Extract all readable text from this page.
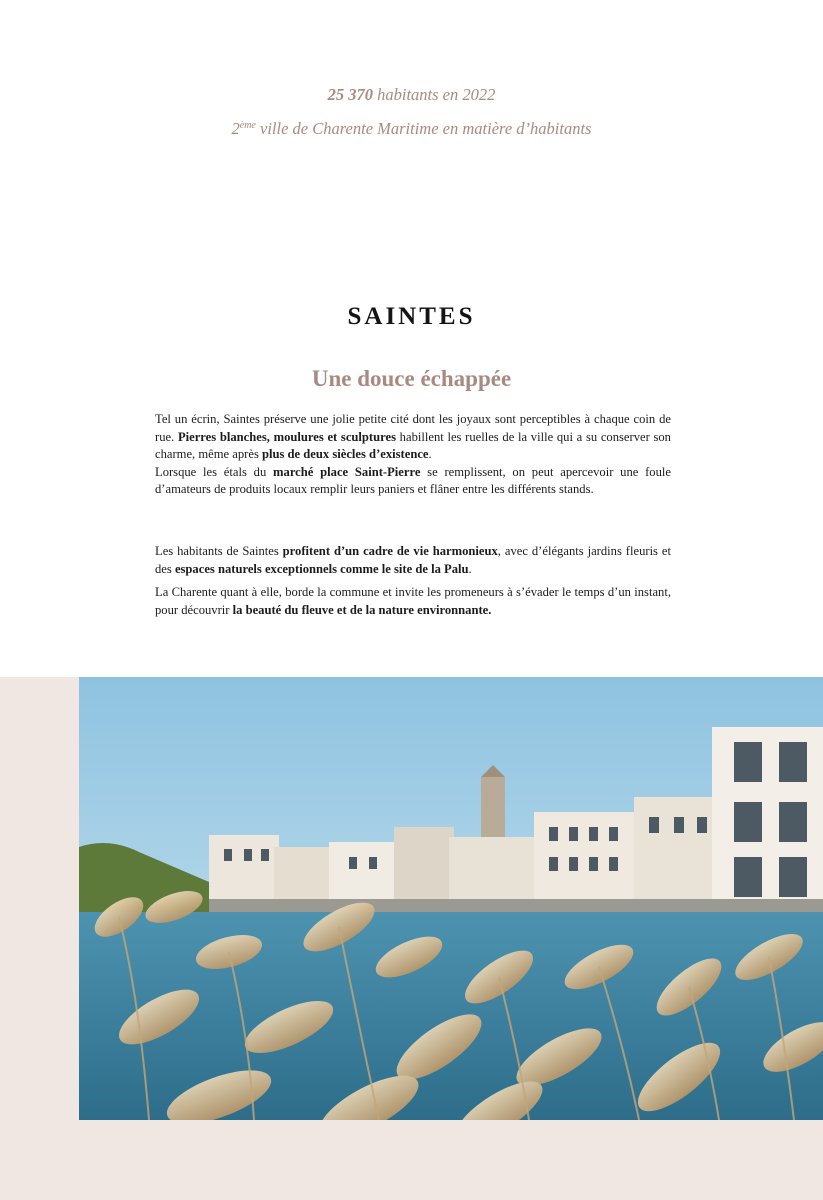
25 370 habitants en 2022
2ème ville de Charente Maritime en matière d’habitants
SAINTES
Une douce échappée

Tel un écrin, Saintes préserve une jolie petite cité dont les joyaux sont perceptibles à chaque coin de rue. Pierres blanches, moulures et sculptures habillent les ruelles de la ville qui a su conserver son charme, même après plus de deux siècles d’existence.

Lorsque les étals du marché place Saint-Pierre se remplissent, on peut apercevoir une foule d’amateurs de produits locaux remplir leurs paniers et flâner entre les différents stands.

Les habitants de Saintes profitent d’un cadre de vie harmonieux, avec d’élégants jardins fleuris et des espaces naturels exceptionnels comme le site de la Palu.

La Charente quant à elle, borde la commune et invite les promeneurs à s’évader le temps d’un instant, pour découvrir la beauté du fleuve et de la nature environnante.
